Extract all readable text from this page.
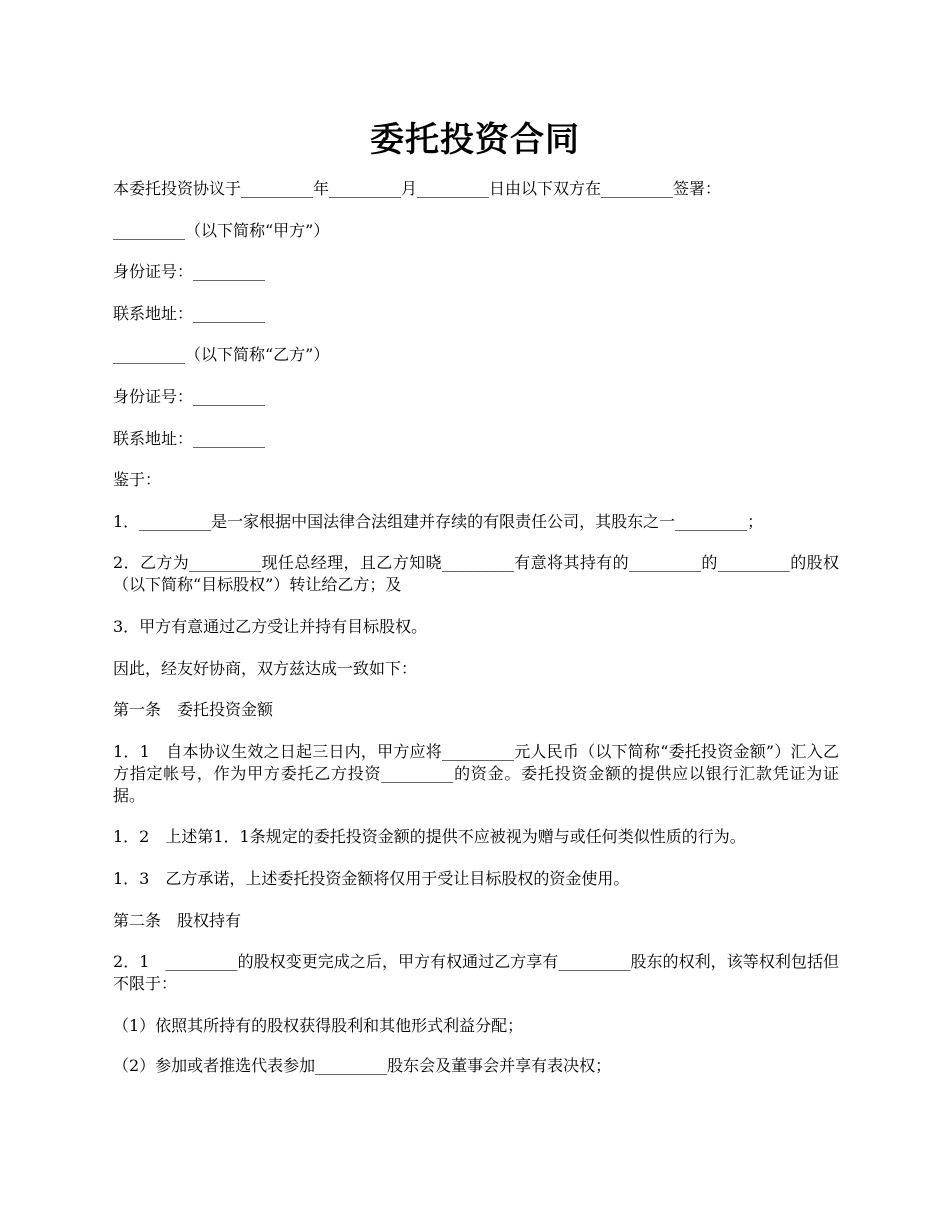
委托投资合同

本委托投资协议于_________年_________月_________日由以下双方在_________签署：

_________（以下简称“甲方”）

身份证号：_________

联系地址：_________

_________（以下简称“乙方”）

身份证号：_________

联系地址：_________

鉴于：

1．_________是一家根据中国法律合法组建并存续的有限责任公司，其股东之一_________；

2．乙方为_________现任总经理，且乙方知晓_________有意将其持有的_________的_________的股权（以下简称“目标股权”）转让给乙方；及

3．甲方有意通过乙方受让并持有目标股权。

因此，经友好协商，双方兹达成一致如下：

第一条　委托投资金额

1．1　自本协议生效之日起三日内，甲方应将_________元人民币（以下简称“委托投资金额”）汇入乙方指定帐号，作为甲方委托乙方投资_________的资金。委托投资金额的提供应以银行汇款凭证为证据。

1．2　上述第1．1条规定的委托投资金额的提供不应被视为赠与或任何类似性质的行为。

1．3　乙方承诺，上述委托投资金额将仅用于受让目标股权的资金使用。

第二条　股权持有

2．1　_________的股权变更完成之后，甲方有权通过乙方享有_________股东的权利，该等权利包括但不限于：

（1）依照其所持有的股权获得股利和其他形式利益分配；

（2）参加或者推选代表参加_________股东会及董事会并享有表决权；
